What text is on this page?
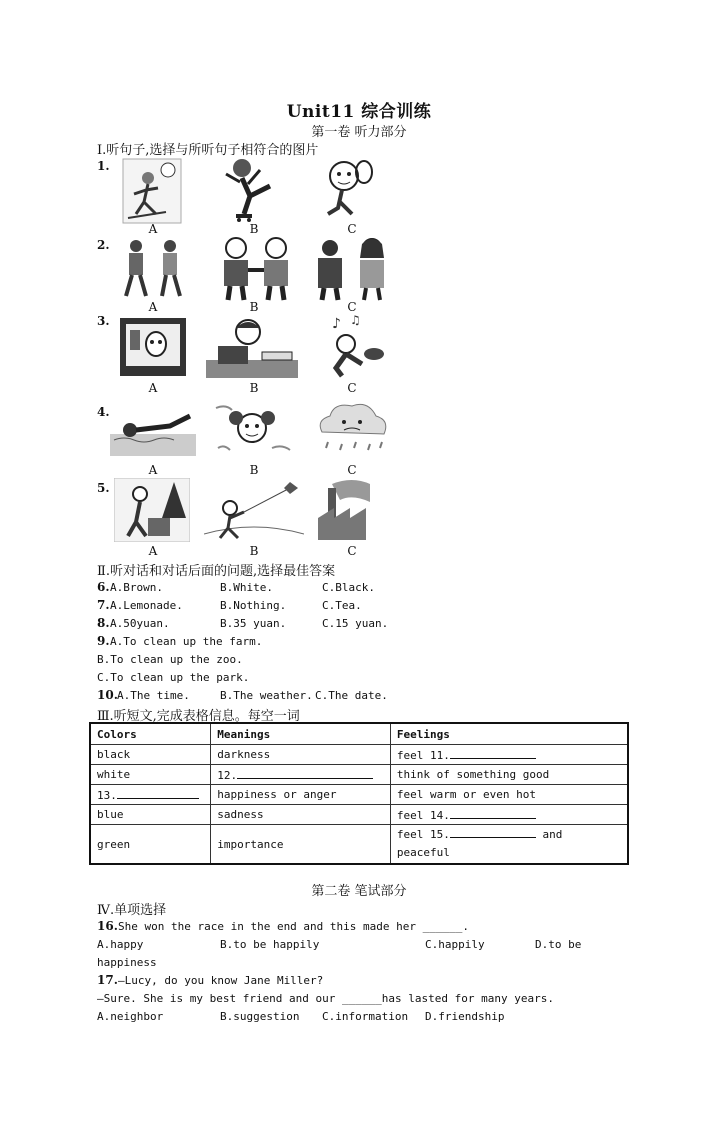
Unit11 综合训练
第一卷 听力部分
Ⅰ.听句子,选择与所听句子相符合的图片
1.
A	B	C
2.
A	B	C
3.
A	B
♪ ♫
C
4.
A	B	C
5.
A	B	C
Ⅱ.听对话和对话后面的问题,选择最佳答案
6. A.Brown.	B.White.	C.Black.
7. A.Lemonade.	B.Nothing.	C.Tea.
8. A.50yuan.	B.35 yuan.	C.15 yuan.
9. A.To clean up the farm.
B.To clean up the zoo.
C.To clean up the park.
10. A.The time.	B.The weather. C.The date.
Ⅲ.听短文,完成表格信息。每空一词
Colors	Meanings	Feelings
black	darkness	feel 11.
white	12.	think of something good
13.	happiness or anger	feel warm or even hot
blue	sadness	feel 14.
green	importance	feel 15. and
peaceful
第二卷 笔试部分
Ⅳ.单项选择
16. She won the race in the end and this made her ______.
A.happy	B.to be happily	C.happily	D.to be
happiness
17. —Lucy, do you know Jane Miller?
—Sure. She is my best friend and our ______has lasted for many years.
A.neighbor	B.suggestion C.information D.friendship
